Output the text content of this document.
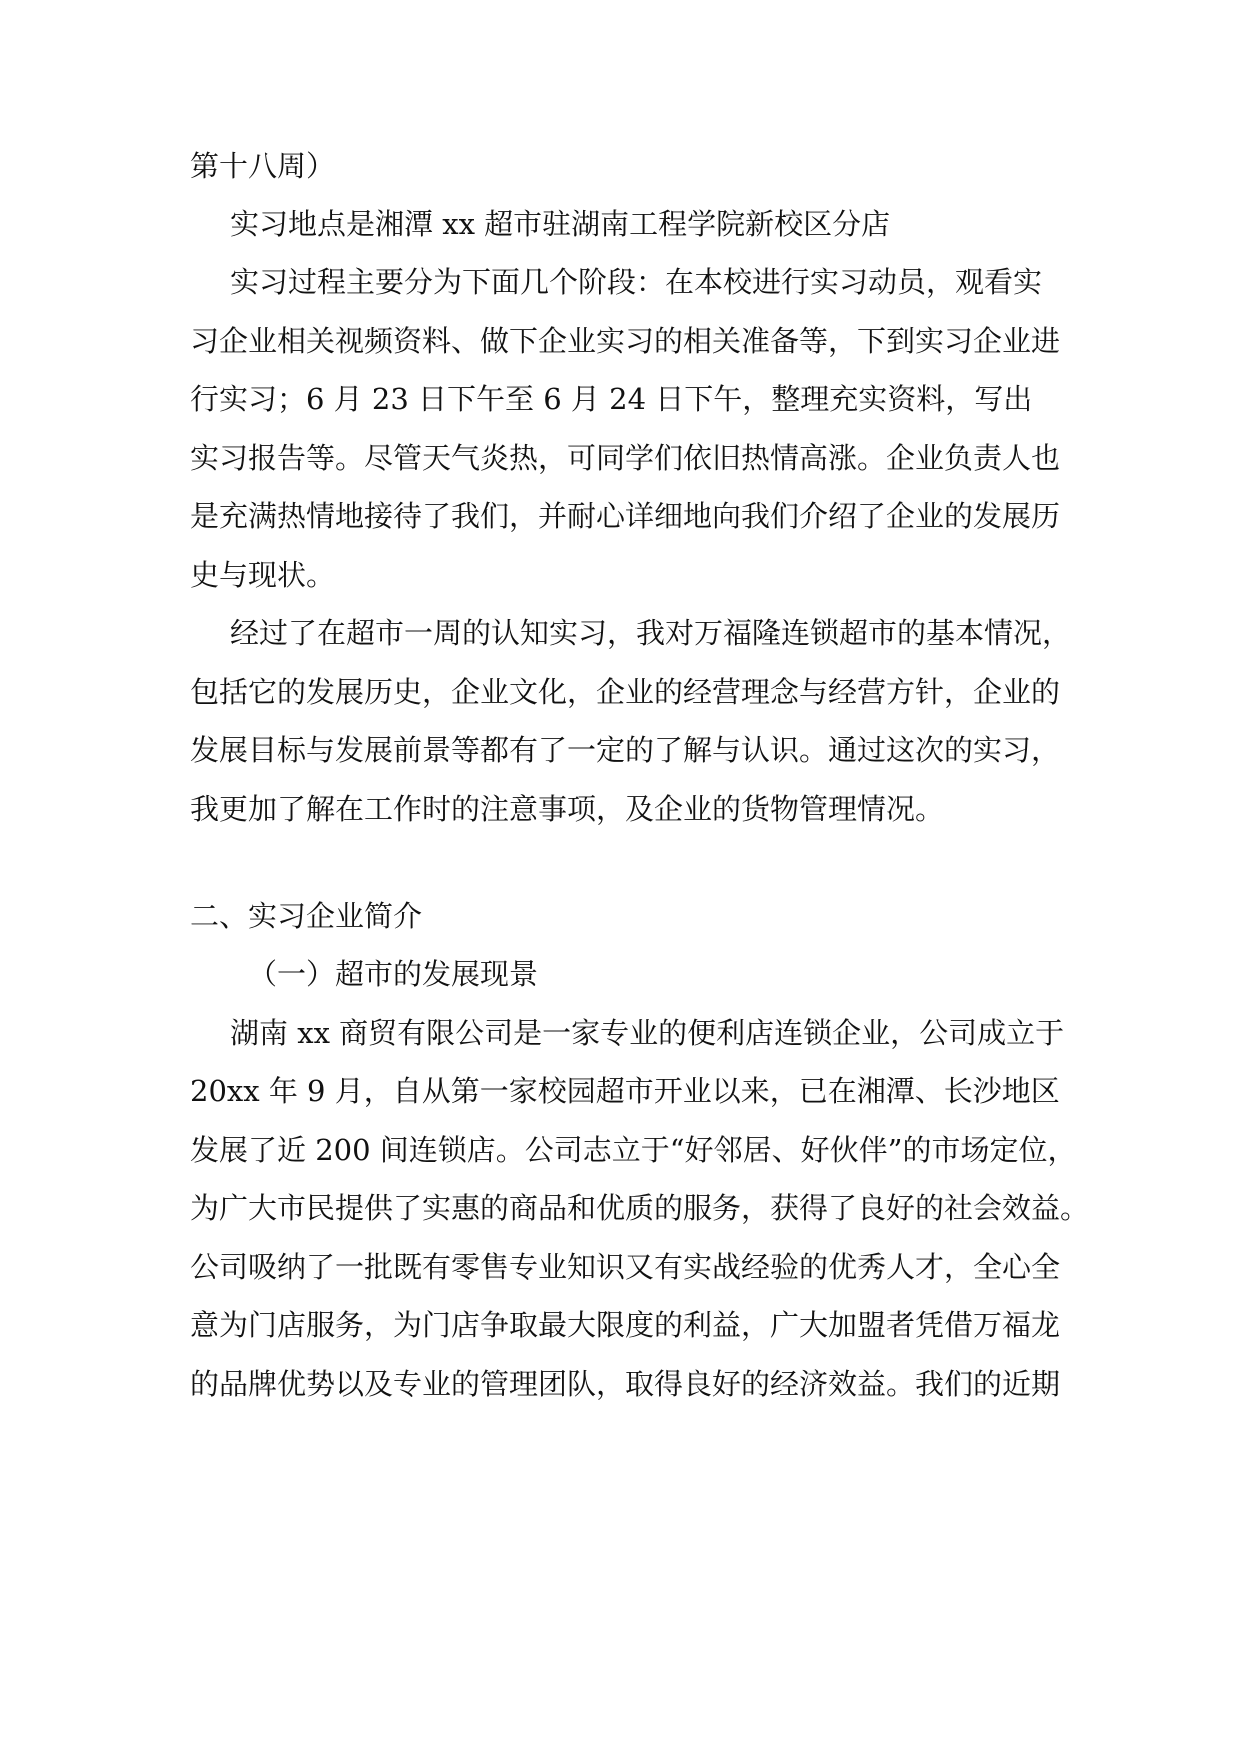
第十八周）
实习地点是湘潭 xx 超市驻湖南工程学院新校区分店
实习过程主要分为下面几个阶段：在本校进行实习动员，观看实
习企业相关视频资料、做下企业实习的相关准备等，下到实习企业进
行实习；6 月 23 日下午至 6 月 24 日下午，整理充实资料，写出
实习报告等。尽管天气炎热，可同学们依旧热情高涨。企业负责人也
是充满热情地接待了我们，并耐心详细地向我们介绍了企业的发展历
史与现状。
经过了在超市一周的认知实习，我对万福隆连锁超市的基本情况，
包括它的发展历史，企业文化，企业的经营理念与经营方针，企业的
发展目标与发展前景等都有了一定的了解与认识。通过这次的实习，
我更加了解在工作时的注意事项，及企业的货物管理情况。
二、实习企业简介
（一）超市的发展现景
湖南 xx 商贸有限公司是一家专业的便利店连锁企业，公司成立于
20xx 年 9 月，自从第一家校园超市开业以来，已在湘潭、长沙地区
发展了近 200 间连锁店。公司志立于“好邻居、好伙伴”的市场定位，
为广大市民提供了实惠的商品和优质的服务，获得了良好的社会效益。
公司吸纳了一批既有零售专业知识又有实战经验的优秀人才，全心全
意为门店服务，为门店争取最大限度的利益，广大加盟者凭借万福龙
的品牌优势以及专业的管理团队，取得良好的经济效益。我们的近期
